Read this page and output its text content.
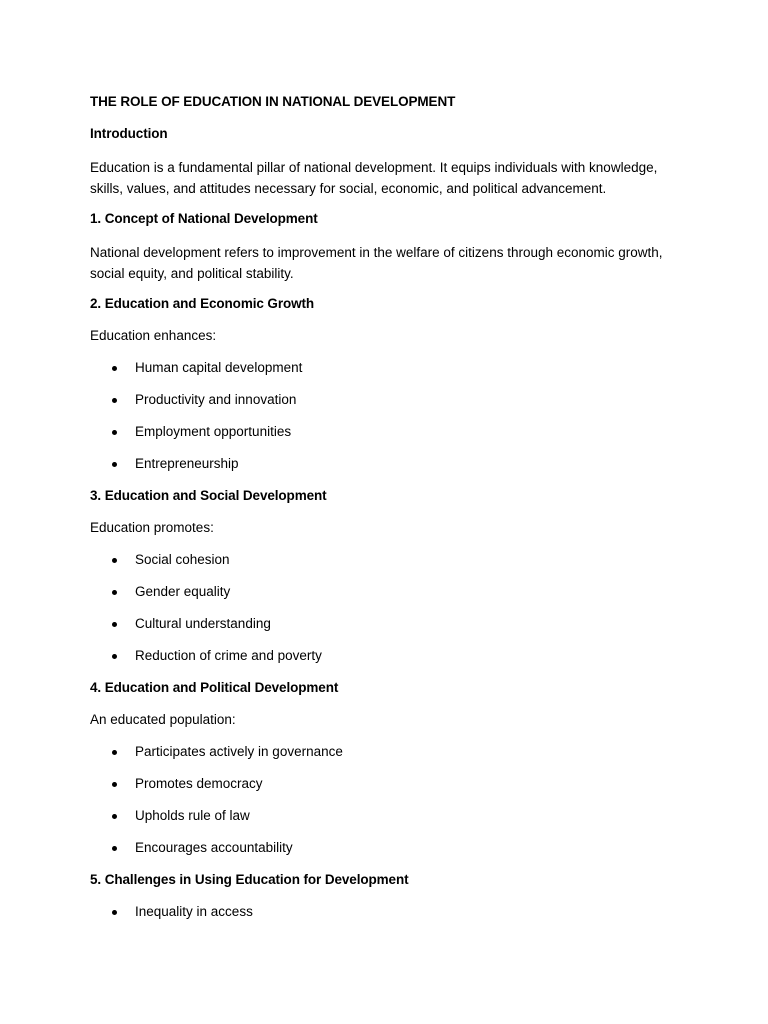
THE ROLE OF EDUCATION IN NATIONAL DEVELOPMENT
Introduction
Education is a fundamental pillar of national development. It equips individuals with knowledge, skills, values, and attitudes necessary for social, economic, and political advancement.
1. Concept of National Development
National development refers to improvement in the welfare of citizens through economic growth, social equity, and political stability.
2. Education and Economic Growth
Education enhances:
Human capital development
Productivity and innovation
Employment opportunities
Entrepreneurship
3. Education and Social Development
Education promotes:
Social cohesion
Gender equality
Cultural understanding
Reduction of crime and poverty
4. Education and Political Development
An educated population:
Participates actively in governance
Promotes democracy
Upholds rule of law
Encourages accountability
5. Challenges in Using Education for Development
Inequality in access
